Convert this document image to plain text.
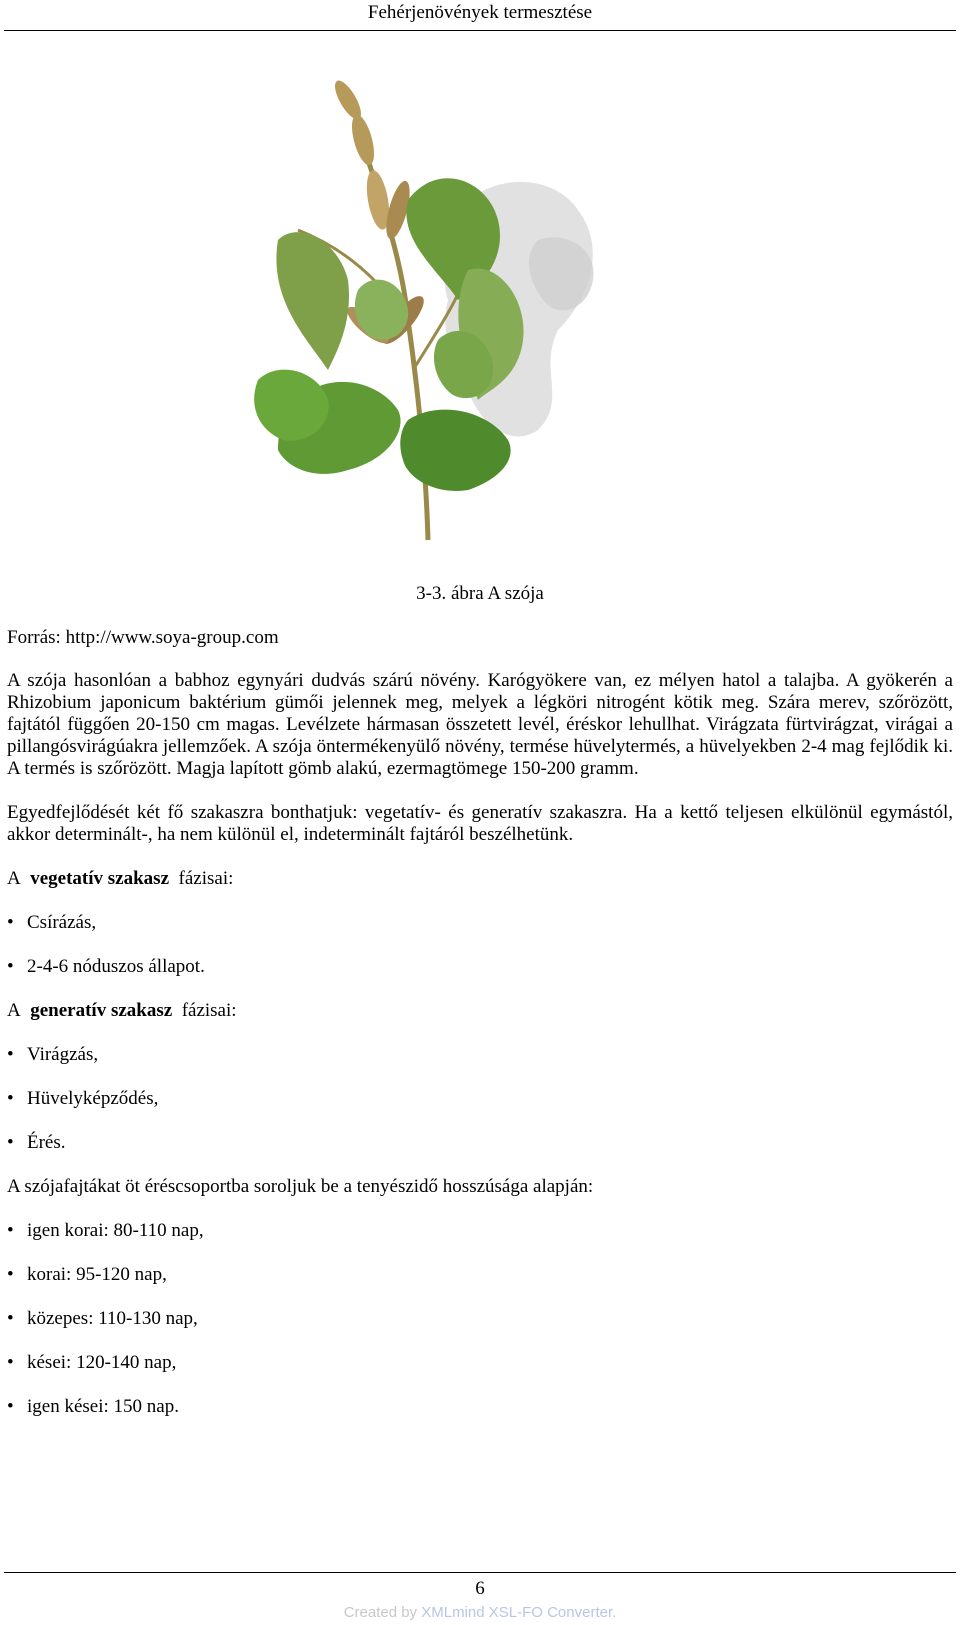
Fehérjenövények termesztése
3-3. ábra A szója
Forrás: http://www.soya-group.com

A szója hasonlóan a babhoz egynyári dudvás szárú növény. Karógyökere van, ez mélyen hatol a talajba. A gyökerén a Rhizobium japonicum baktérium gümői jelennek meg, melyek a légköri nitrogént kötik meg. Szára merev, szőrözött, fajtától függően 20-150 cm magas. Levélzete hármasan összetett levél, éréskor lehullhat. Virágzata fürtvirágzat, virágai a pillangósvirágúakra jellemzőek. A szója öntermékenyülő növény, termése hüvelytermés, a hüvelyekben 2-4 mag fejlődik ki. A termés is szőrözött. Magja lapított gömb alakú, ezermagtömege 150-200 gramm.

Egyedfejlődését két fő szakaszra bonthatjuk: vegetatív- és generatív szakaszra. Ha a kettő teljesen elkülönül egymástól, akkor determinált-, ha nem különül el, indeterminált fajtáról beszélhetünk.

A vegetatív szakasz fázisai:

• Csírázás,
• 2-4-6 nóduszos állapot.

A generatív szakasz fázisai:

• Virágzás,
• Hüvelyképződés,
• Érés.

A szójafajtákat öt éréscsoportba soroljuk be a tenyészidő hosszúsága alapján:

• igen korai: 80-110 nap,
• korai: 95-120 nap,
• közepes: 110-130 nap,
• kései: 120-140 nap,
• igen kései: 150 nap.
6
Created by XMLmind XSL-FO Converter.
